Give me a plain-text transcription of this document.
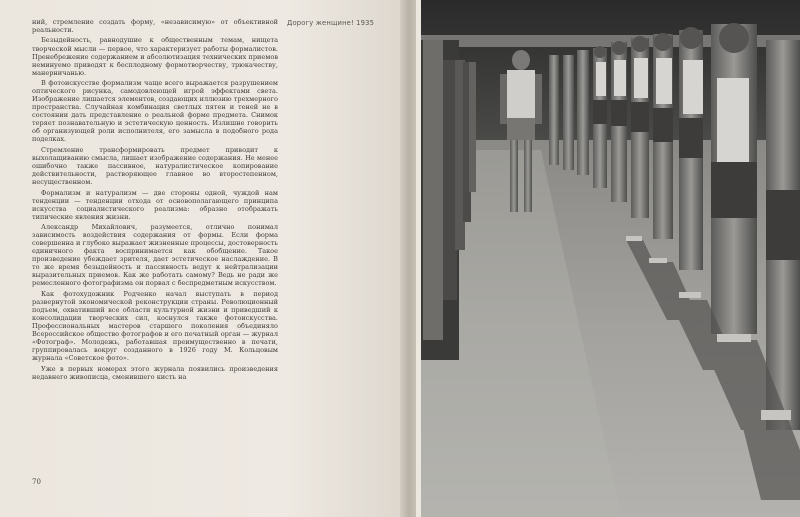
ний, стремление создать форму, «независимую» от объективной реальности.

Безыдейность, равнодушие к общественным темам, нищета творческой мысли — первое, что характеризует работы формалистов. Пренебрежение содержанием и абсолютизация технических приемов неминуемо приводят к бесплодному формотворчеству, трюкачеству, манерничанью.

В фотоискусстве формализм чаще всего выражается разрушением оптического рисунка, самодовлеющей игрой эффектами света. Изображение лишается элементов, создающих иллюзию трехмерного пространства. Случайная комбинация светлых пятен и теней не в состоянии дать представление о реальной форме предмета. Снимок теряет познавательную и эстетическую ценность. Излишне говорить об организующей роли исполнителя, его замысла в подобного рода поделках.

Стремление трансформировать предмет приводит к выхолащиванию смысла, лишает изображение содержания. Не менее ошибочно также пассивное, натуралистическое копирование действительности, растворяющее главное во второстепенном, несущественном.

Формализм и натурализм — две стороны одной, чуждой нам тенденции — тенденции отхода от основополагающего принципа искусства социалистического реализма: образно отображать типические явления жизни.

Александр Михайлович, разумеется, отлично понимал зависимость воздействия содержания от формы. Если форма совершенна и глубоко выражает жизненные процессы, достоверность единичного факта воспринимается как обобщение. Такое произведение убеждает зрителя, дает эстетическое наслаждение. В то же время безыдейность и пассивность ведут к нейтрализации выразительных приемов. Как же работать самому? Ведь не ради же ремесленного фотографизма он порвал с беспредметным искусством.

Как фотохудожник Родченко начал выступать в период развернутой экономической реконструкции страны. Революционный подъем, охвативший все области культурной жизни и приведший к консолидации творческих сил, коснулся также фотоискусства. Профессиональных мастеров старшего поколения объединяло Всероссийское общество фотографов и его печатный орган — журнал «Фотограф». Молодежь, работавшая преимущественно в печати, группировалась вокруг созданного в 1926 году М. Кольцовым журнала «Советское фото».

Уже в первых номерах этого журнала появились произведения недавнего живописца, сменившего кисть на

Дорогу женщине! 1935
70
